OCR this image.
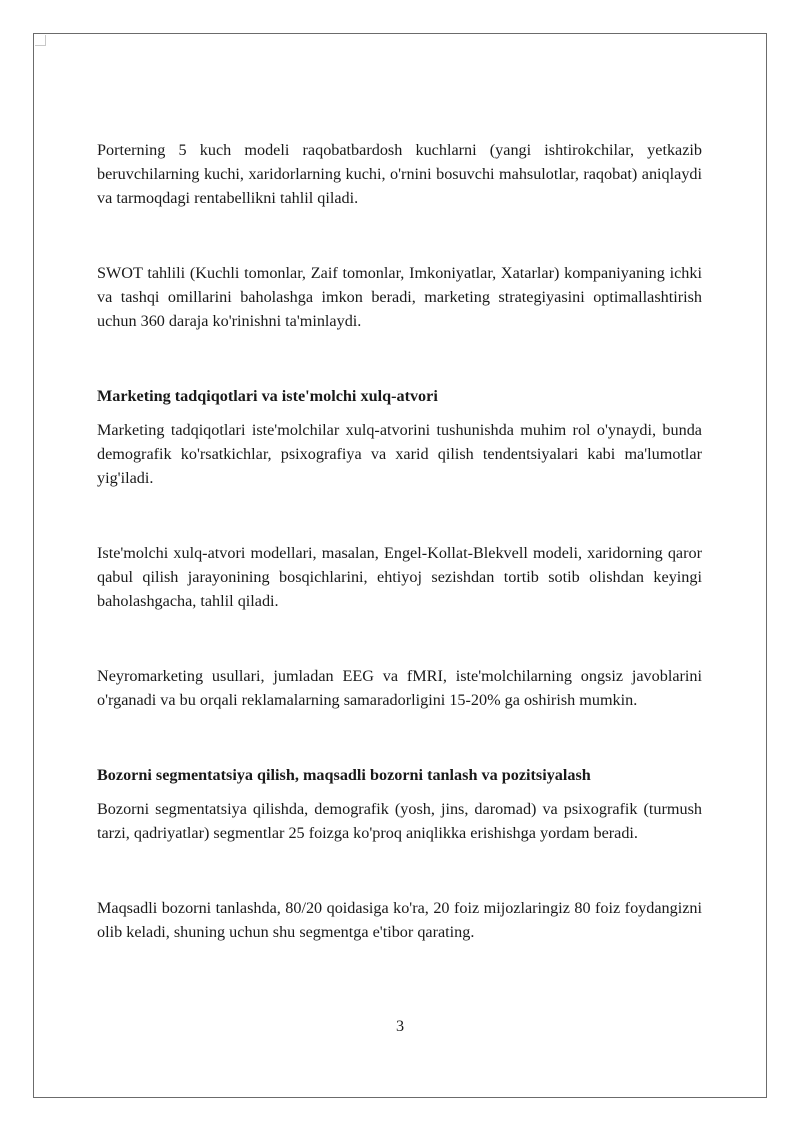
Porterning 5 kuch modeli raqobatbardosh kuchlarni (yangi ishtirokchilar, yetkazib beruvchilarning kuchi, xaridorlarning kuchi, o'rnini bosuvchi mahsulotlar, raqobat) aniqlaydi va tarmoqdagi rentabellikni tahlil qiladi.

SWOT tahlili (Kuchli tomonlar, Zaif tomonlar, Imkoniyatlar, Xatarlar) kompaniyaning ichki va tashqi omillarini baholashga imkon beradi, marketing strategiyasini optimallashtirish uchun 360 daraja ko'rinishni ta'minlaydi.

Marketing tadqiqotlari va iste'molchi xulq-atvori

Marketing tadqiqotlari iste'molchilar xulq-atvorini tushunishda muhim rol o'ynaydi, bunda demografik ko'rsatkichlar, psixografiya va xarid qilish tendentsiyalari kabi ma'lumotlar yig'iladi.

Iste'molchi xulq-atvori modellari, masalan, Engel-Kollat-Blekvell modeli, xaridorning qaror qabul qilish jarayonining bosqichlarini, ehtiyoj sezishdan tortib sotib olishdan keyingi baholashgacha, tahlil qiladi.

Neyromarketing usullari, jumladan EEG va fMRI, iste'molchilarning ongsiz javoblarini o'rganadi va bu orqali reklamalarning samaradorligini 15-20% ga oshirish mumkin.

Bozorni segmentatsiya qilish, maqsadli bozorni tanlash va pozitsiyalash

Bozorni segmentatsiya qilishda, demografik (yosh, jins, daromad) va psixografik (turmush tarzi, qadriyatlar) segmentlar 25 foizga ko'proq aniqlikka erishishga yordam beradi.

Maqsadli bozorni tanlashda, 80/20 qoidasiga ko'ra, 20 foiz mijozlaringiz 80 foiz foydangizni olib keladi, shuning uchun shu segmentga e'tibor qarating.

3
